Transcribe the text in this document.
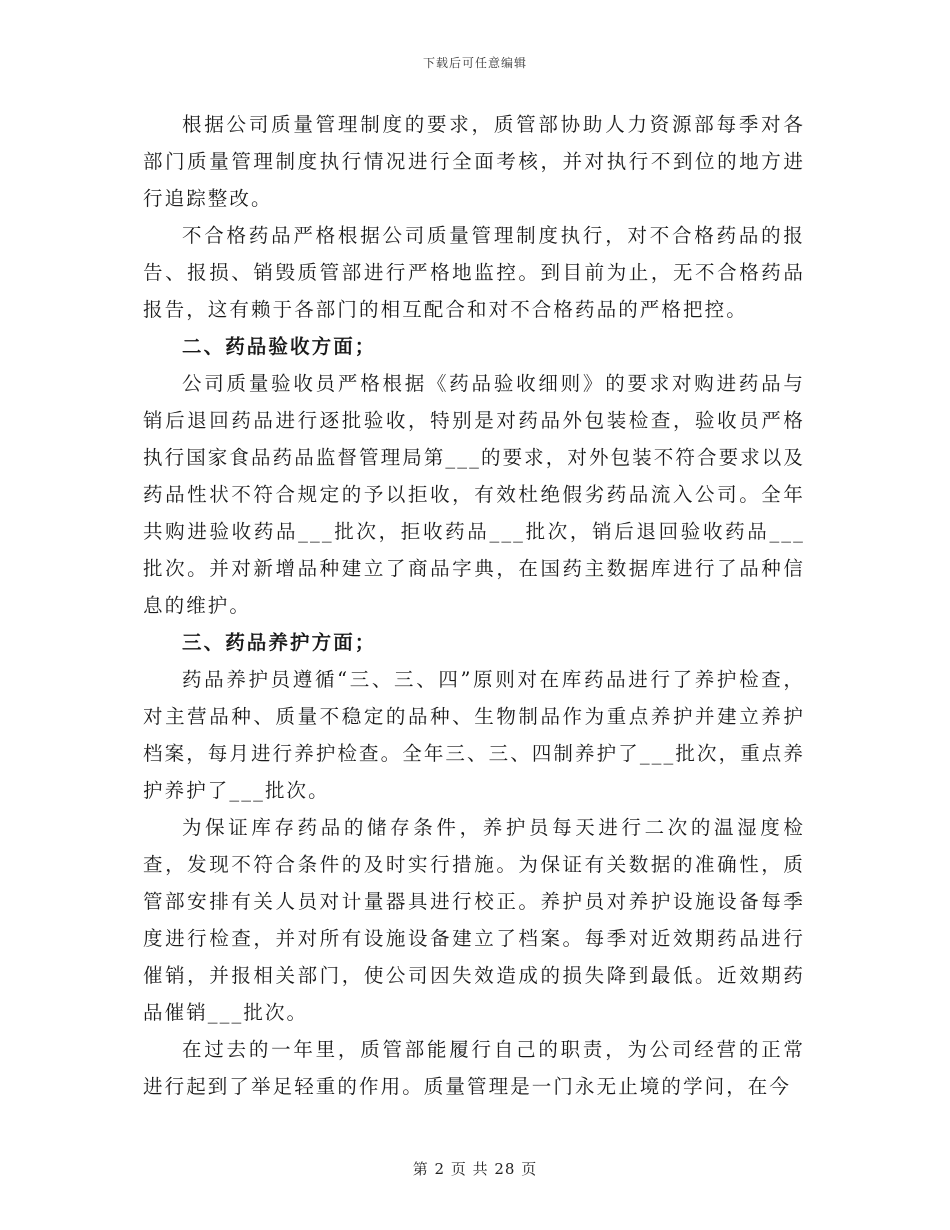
下载后可任意编辑

根据公司质量管理制度的要求，质管部协助人力资源部每季对各部门质量管理制度执行情况进行全面考核，并对执行不到位的地方进行追踪整改。

不合格药品严格根据公司质量管理制度执行，对不合格药品的报告、报损、销毁质管部进行严格地监控。到目前为止，无不合格药品报告，这有赖于各部门的相互配合和对不合格药品的严格把控。

二、药品验收方面；

公司质量验收员严格根据《药品验收细则》的要求对购进药品与销后退回药品进行逐批验收，特别是对药品外包装检查，验收员严格执行国家食品药品监督管理局第___的要求，对外包装不符合要求以及药品性状不符合规定的予以拒收，有效杜绝假劣药品流入公司。全年共购进验收药品___批次，拒收药品___批次，销后退回验收药品___批次。并对新增品种建立了商品字典，在国药主数据库进行了品种信息的维护。

三、药品养护方面；

药品养护员遵循“三、三、四”原则对在库药品进行了养护检查，对主营品种、质量不稳定的品种、生物制品作为重点养护并建立养护档案，每月进行养护检查。全年三、三、四制养护了___批次，重点养护养护了___批次。

为保证库存药品的储存条件，养护员每天进行二次的温湿度检查，发现不符合条件的及时实行措施。为保证有关数据的准确性，质管部安排有关人员对计量器具进行校正。养护员对养护设施设备每季度进行检查，并对所有设施设备建立了档案。每季对近效期药品进行催销，并报相关部门，使公司因失效造成的损失降到最低。近效期药品催销___批次。

在过去的一年里，质管部能履行自己的职责，为公司经营的正常进行起到了举足轻重的作用。质量管理是一门永无止境的学问，在今

第 2 页 共 28 页
